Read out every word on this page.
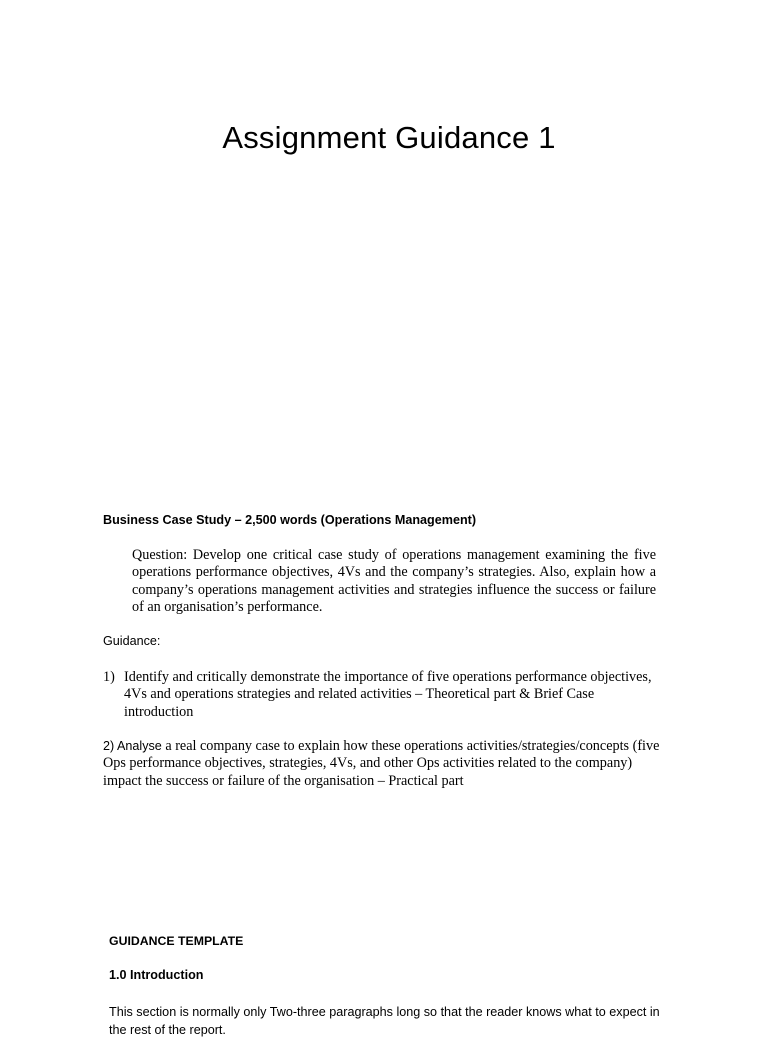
Assignment Guidance 1

Business Case Study – 2,500 words (Operations Management)

Question: Develop one critical case study of operations management examining the five operations performance objectives, 4Vs and the company’s strategies. Also, explain how a company’s operations management activities and strategies influence the success or failure of an organisation’s performance.

Guidance:

1) Identify and critically demonstrate the importance of five operations performance objectives, 4Vs and operations strategies and related activities – Theoretical part & Brief Case introduction
2) Analyse a real company case to explain how these operations activities/strategies/concepts (five Ops performance objectives, strategies, 4Vs, and other Ops activities related to the company) impact the success or failure of the organisation – Practical part

GUIDANCE TEMPLATE

1.0 Introduction

This section is normally only Two-three paragraphs long so that the reader knows what to expect in the rest of the report.
